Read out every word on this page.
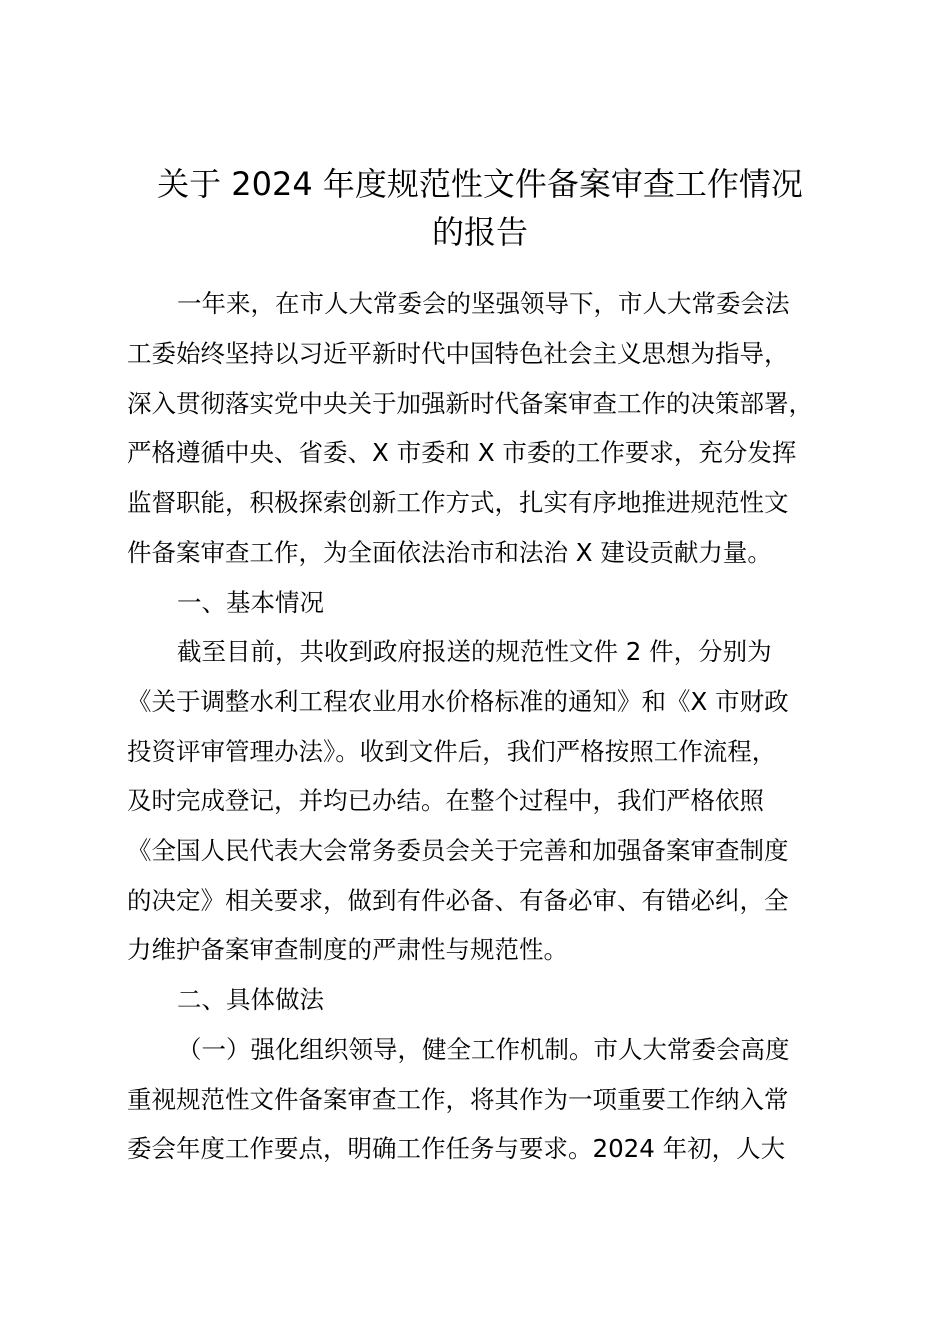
关于 2024 年度规范性文件备案审查工作情况
的报告
一年来，在市人大常委会的坚强领导下，市人大常委会法
工委始终坚持以习近平新时代中国特色社会主义思想为指导，
深入贯彻落实党中央关于加强新时代备案审查工作的决策部署，
严格遵循中央、省委、X 市委和 X 市委的工作要求，充分发挥
监督职能，积极探索创新工作方式，扎实有序地推进规范性文
件备案审查工作，为全面依法治市和法治 X 建设贡献力量。
一、基本情况
截至目前，共收到政府报送的规范性文件 2 件，分别为
《关于调整水利工程农业用水价格标准的通知》和《X 市财政
投资评审管理办法》。收到文件后，我们严格按照工作流程，
及时完成登记，并均已办结。在整个过程中，我们严格依照
《全国人民代表大会常务委员会关于完善和加强备案审查制度
的决定》相关要求，做到有件必备、有备必审、有错必纠，全
力维护备案审查制度的严肃性与规范性。
二、具体做法
（一）强化组织领导，健全工作机制。市人大常委会高度
重视规范性文件备案审查工作，将其作为一项重要工作纳入常
委会年度工作要点，明确工作任务与要求。2024 年初，人大
